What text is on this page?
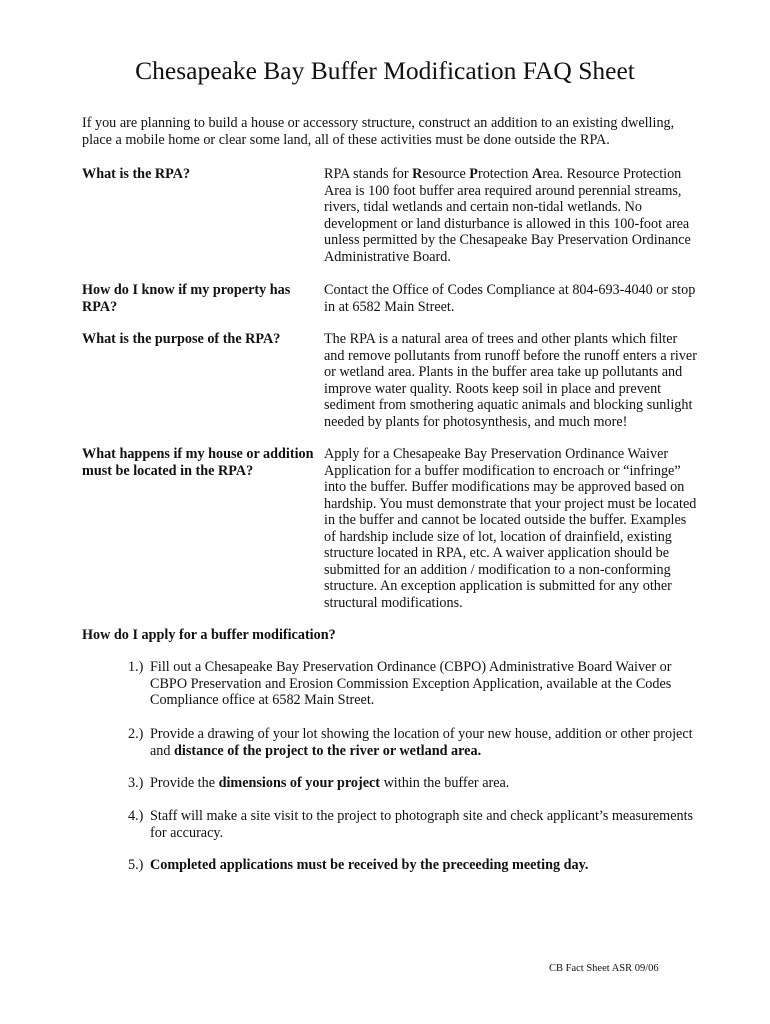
Chesapeake Bay Buffer Modification FAQ Sheet
If you are planning to build a house or accessory structure, construct an addition to an existing dwelling, place a mobile home or clear some land, all of these activities must be done outside the RPA.
What is the RPA?	RPA stands for Resource Protection Area. Resource Protection Area is 100 foot buffer area required around perennial streams, rivers, tidal wetlands and certain non-tidal wetlands. No development or land disturbance is allowed in this 100-foot area unless permitted by the Chesapeake Bay Preservation Ordinance Administrative Board.
How do I know if my property has RPA?
Contact the Office of Codes Compliance at 804-693-4040 or stop in at 6582 Main Street.
What is the purpose of the RPA?	The RPA is a natural area of trees and other plants which filter and remove pollutants from runoff before the runoff enters a river or wetland area. Plants in the buffer area take up pollutants and improve water quality. Roots keep soil in place and prevent sediment from smothering aquatic animals and blocking sunlight needed by plants for photosynthesis, and much more!
What happens if my house or addition must be located in the RPA?
Apply for a Chesapeake Bay Preservation Ordinance Waiver Application for a buffer modification to encroach or “infringe” into the buffer. Buffer modifications may be approved based on hardship. You must demonstrate that your project must be located in the buffer and cannot be located outside the buffer. Examples of hardship include size of lot, location of drainfield, existing structure located in RPA, etc. A waiver application should be submitted for an addition / modification to a non-conforming structure. An exception application is submitted for any other structural modifications.
How do I apply for a buffer modification?
1.) Fill out a Chesapeake Bay Preservation Ordinance (CBPO) Administrative Board Waiver or CBPO Preservation and Erosion Commission Exception Application, available at the Codes Compliance office at 6582 Main Street.
2.) Provide a drawing of your lot showing the location of your new house, addition or other project and distance of the project to the river or wetland area.
3.) Provide the dimensions of your project within the buffer area.
4.) Staff will make a site visit to the project to photograph site and check applicant’s measurements for accuracy.
5.) Completed applications must be received by the preceeding meeting day.
CB Fact Sheet ASR 09/06
